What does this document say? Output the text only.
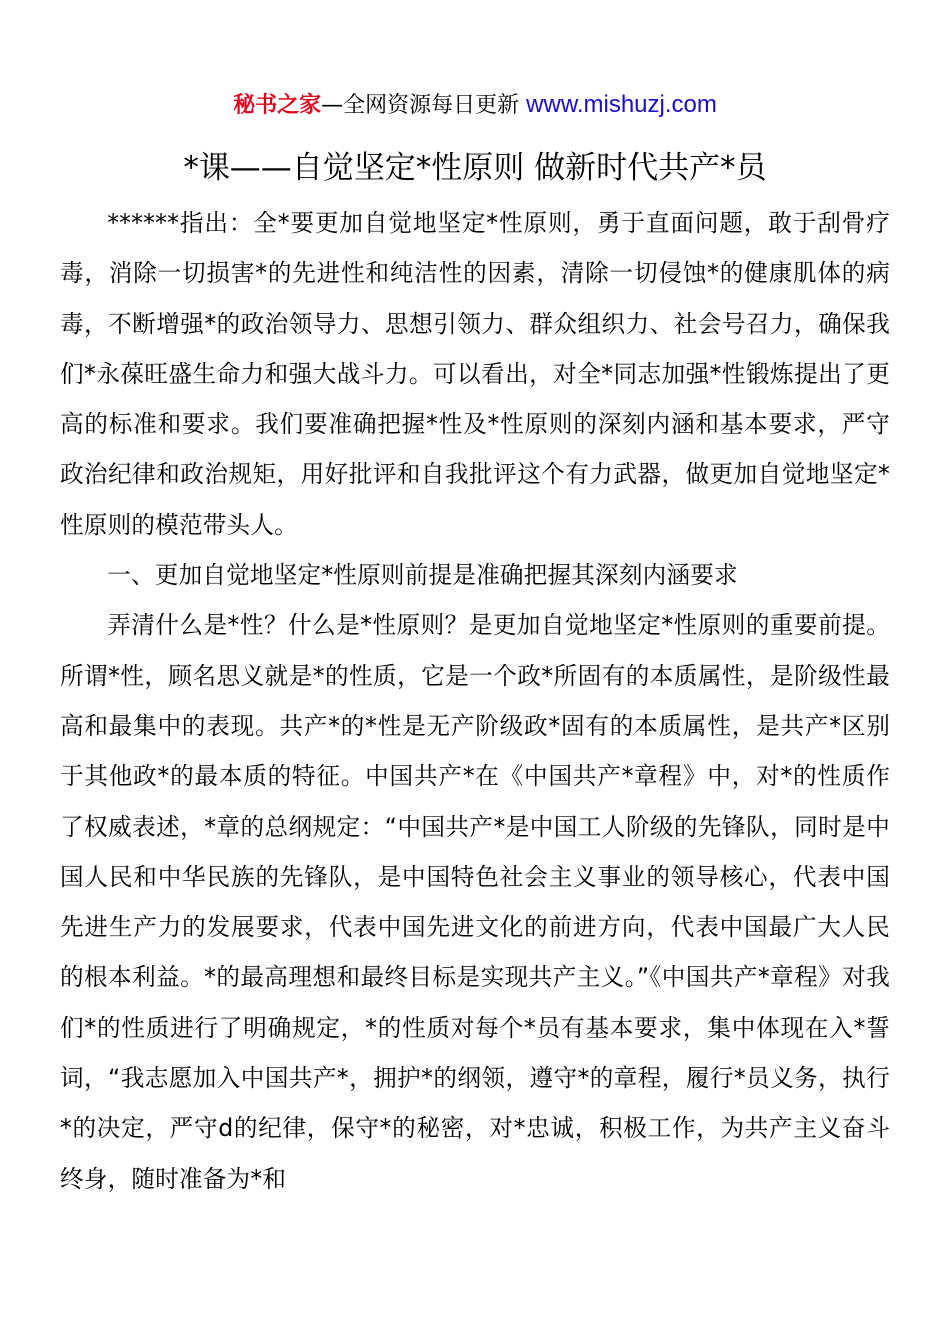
秘书之家—全网资源每日更新 www.mishuzj.com
*课——自觉坚定*性原则 做新时代共产*员

******指出：全*要更加自觉地坚定*性原则，勇于直面问题，敢于刮骨疗毒，消除一切损害*的先进性和纯洁性的因素，清除一切侵蚀*的健康肌体的病毒，不断增强*的政治领导力、思想引领力、群众组织力、社会号召力，确保我们*永葆旺盛生命力和强大战斗力。可以看出，对全*同志加强*性锻炼提出了更高的标准和要求。我们要准确把握*性及*性原则的深刻内涵和基本要求，严守政治纪律和政治规矩，用好批评和自我批评这个有力武器，做更加自觉地坚定*性原则的模范带头人。

一、更加自觉地坚定*性原则前提是准确把握其深刻内涵要求

弄清什么是*性？什么是*性原则？是更加自觉地坚定*性原则的重要前提。所谓*性，顾名思义就是*的性质，它是一个政*所固有的本质属性，是阶级性最高和最集中的表现。共产*的*性是无产阶级政*固有的本质属性，是共产*区别于其他政*的最本质的特征。中国共产*在《中国共产*章程》中，对*的性质作了权威表述，*章的总纲规定：“中国共产*是中国工人阶级的先锋队，同时是中国人民和中华民族的先锋队，是中国特色社会主义事业的领导核心，代表中国先进生产力的发展要求，代表中国先进文化的前进方向，代表中国最广大人民的根本利益。*的最高理想和最终目标是实现共产主义。”《中国共产*章程》对我们*的性质进行了明确规定，*的性质对每个*员有基本要求，集中体现在入*誓词，“我志愿加入中国共产*，拥护*的纲领，遵守*的章程，履行*员义务，执行*的决定，严守d的纪律，保守*的秘密，对*忠诚，积极工作，为共产主义奋斗终身，随时准备为*和
